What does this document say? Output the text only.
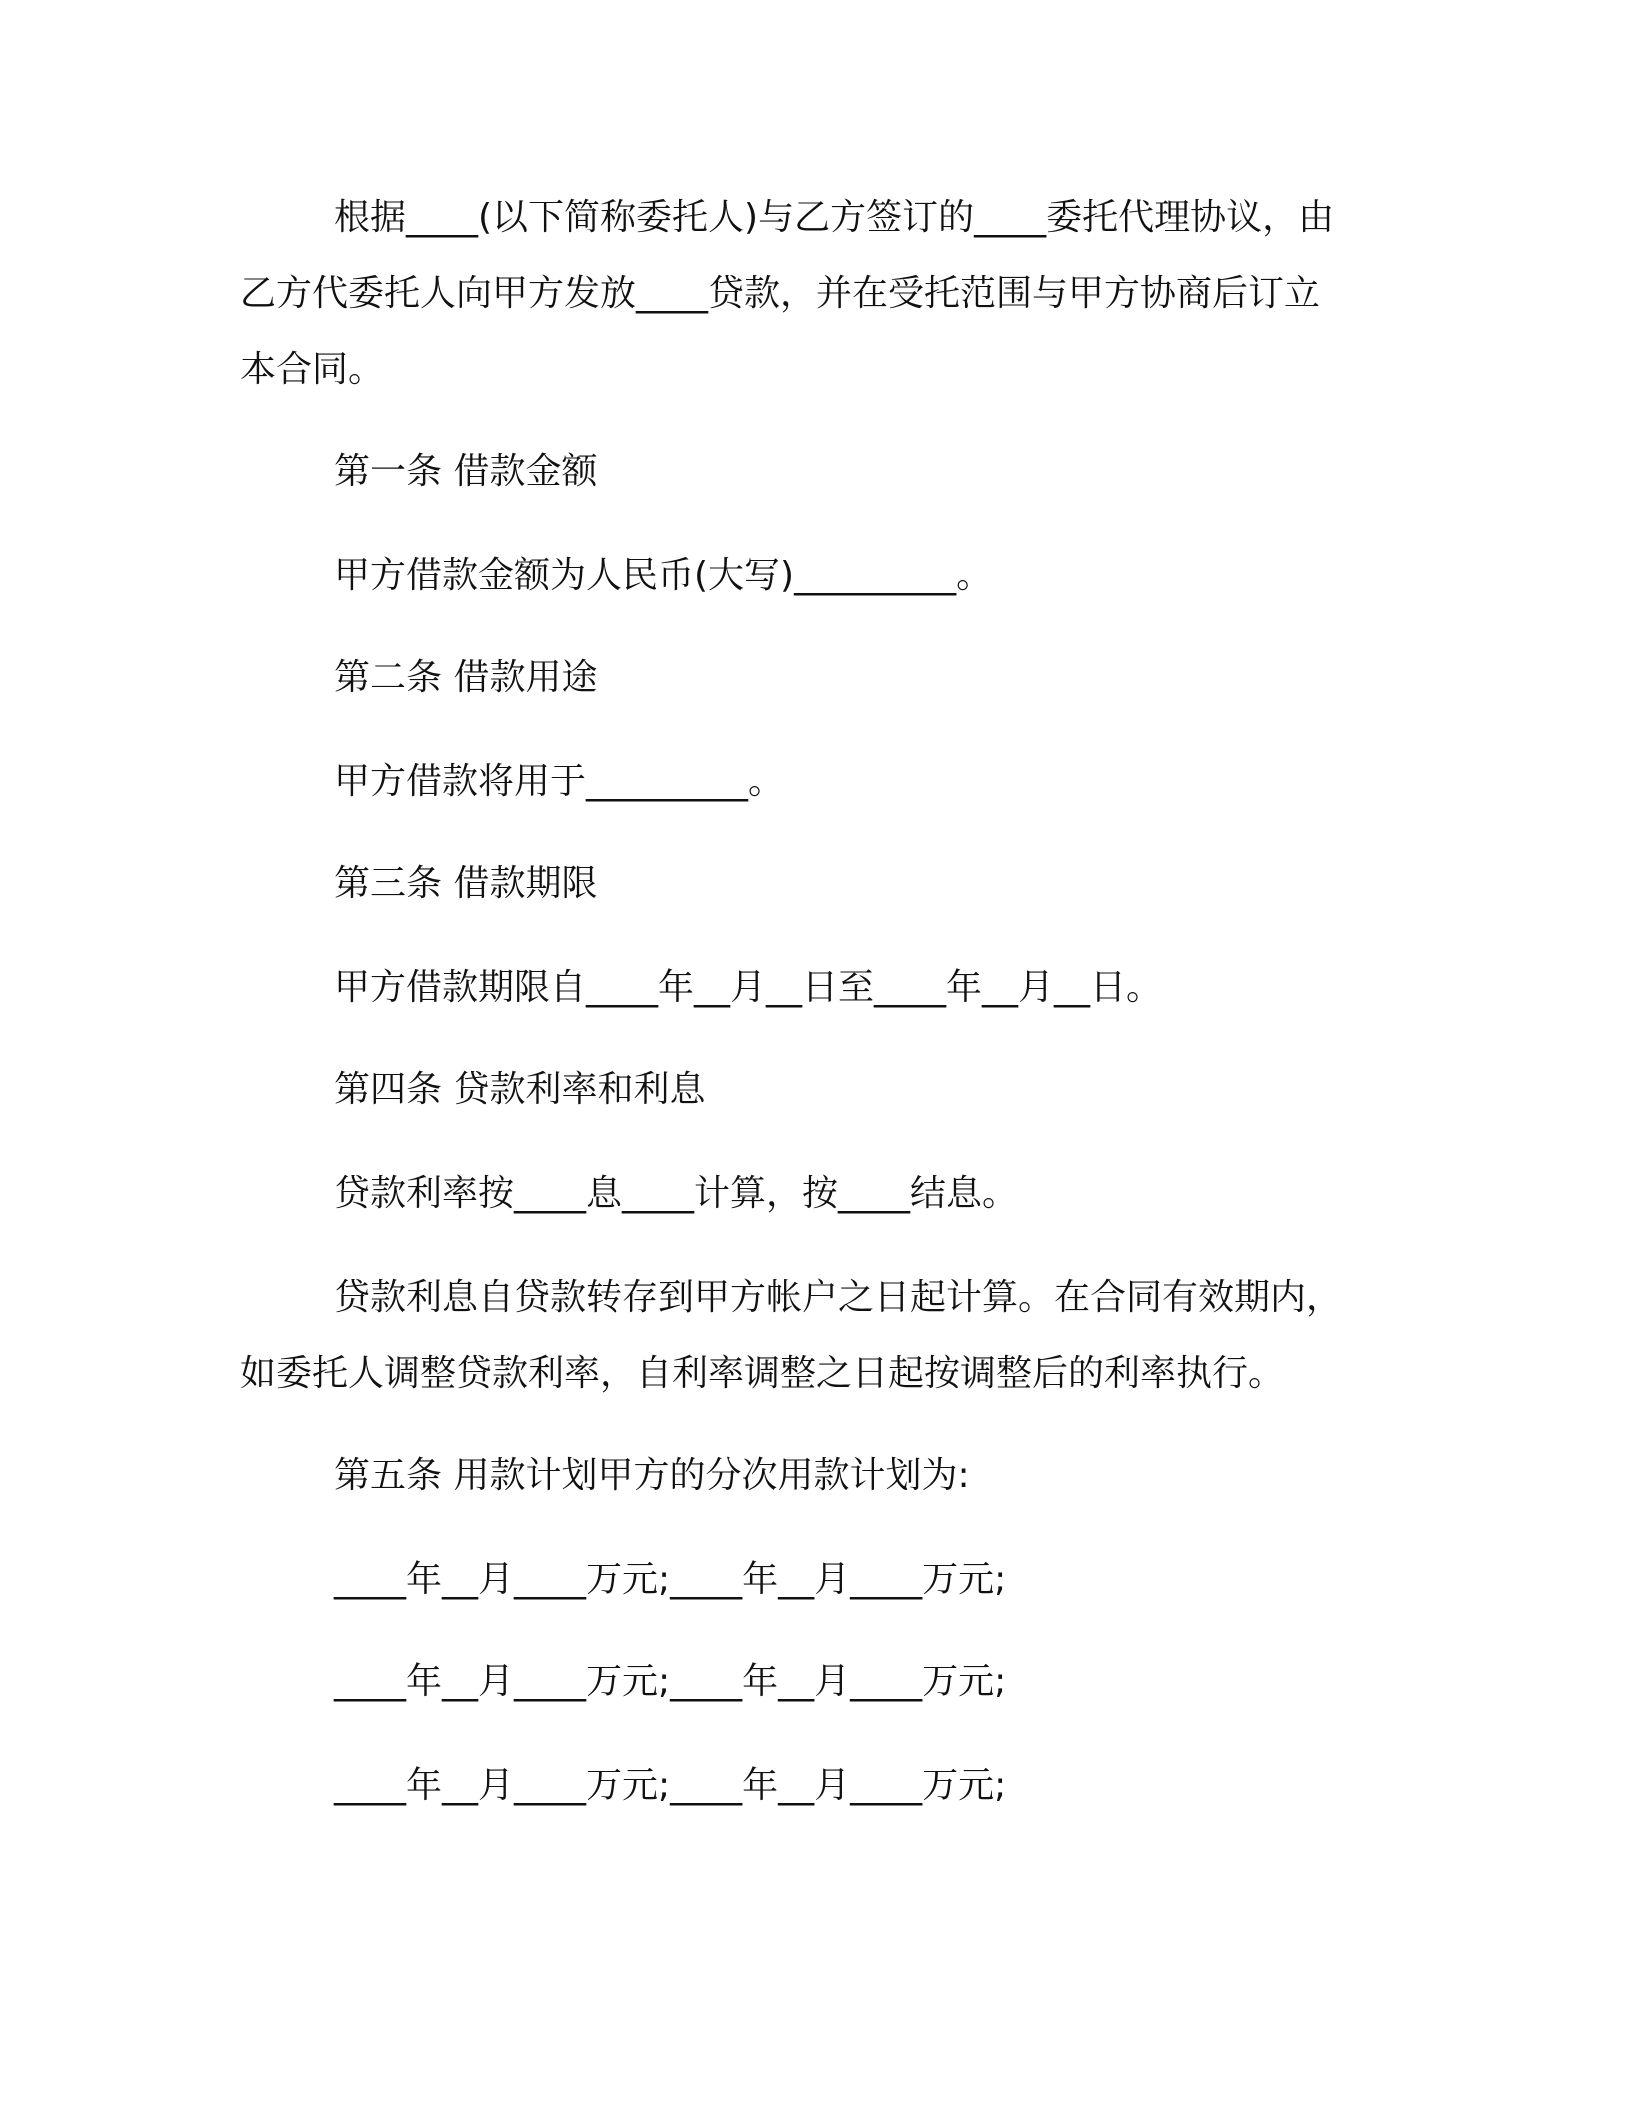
根据____(以下简称委托人)与乙方签订的____委托代理协议，由
乙方代委托人向甲方发放____贷款，并在受托范围与甲方协商后订立
本合同。
第一条 借款金额
甲方借款金额为人民币(大写)_________。
第二条 借款用途
甲方借款将用于_________。
第三条 借款期限
甲方借款期限自____年__月__日至____年__月__日。
第四条 贷款利率和利息
贷款利率按____息____计算，按____结息。
贷款利息自贷款转存到甲方帐户之日起计算。在合同有效期内，
如委托人调整贷款利率，自利率调整之日起按调整后的利率执行。
第五条 用款计划甲方的分次用款计划为:
____年__月____万元;____年__月____万元;
____年__月____万元;____年__月____万元;
____年__月____万元;____年__月____万元;
